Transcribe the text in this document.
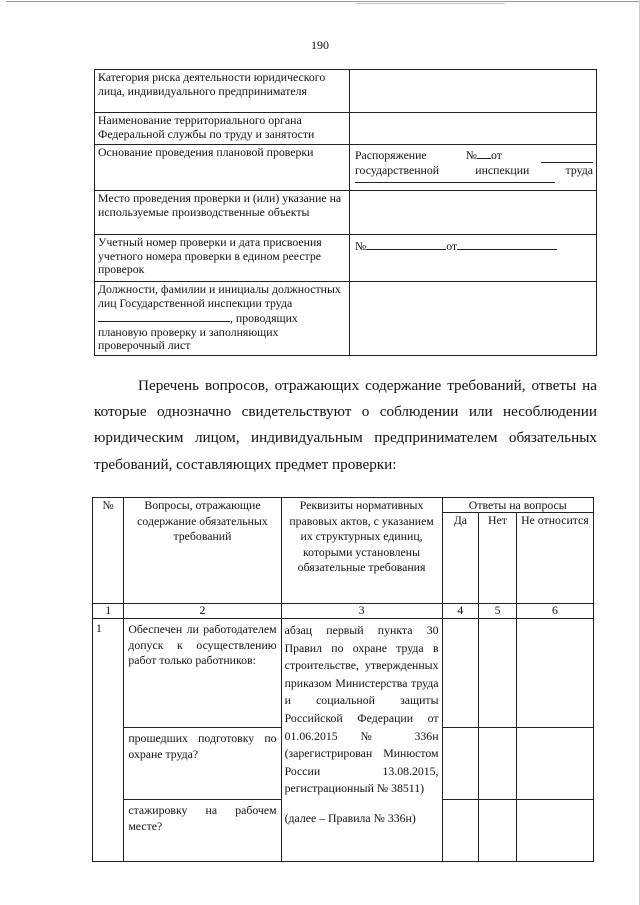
190
Категория риска деятельности юридического лица, индивидуального предпринимателя	
Наименование территориального органа Федеральной службы по труду и занятости	
Основание проведения плановой проверки	Распоряжение № от
государственной инспекции труда

Место проведения проверки и (или) указание на используемые производственные объекты	
Учетный номер проверки и дата присвоения учетного номера проверки в едином реестре проверок	№ от
Должности, фамилии и инициалы должностных лиц Государственной инспекции труда , проводящих плановую проверку и заполняющих проверочный лист	

Перечень вопросов, отражающих содержание требований, ответы на которые однозначно свидетельствуют о соблюдении или несоблюдении юридическим лицом, индивидуальным предпринимателем обязательных требований, составляющих предмет проверки:

№	Вопросы, отражающие содержание обязательных требований	Реквизиты нормативных правовых актов, с указанием их структурных единиц, которыми установлены обязательные требования	Ответы на вопросы		
			Да	Нет	Не относится
1	2	3	4	5	6
1	Обеспечен ли работодателем допуск к осуществлению работ только работников:	абзац первый пункта 30 Правил по охране труда в строительстве, утвержденных приказом Министерства труда и социальной защиты Российской Федерации от 01.06.2015 № 336н (зарегистрирован Минюстом России 13.08.2015, регистрационный № 38511)
(далее – Правила № 336н)			

	прошедших подготовку по охране труда?				
	стажировку на рабочем месте?				
